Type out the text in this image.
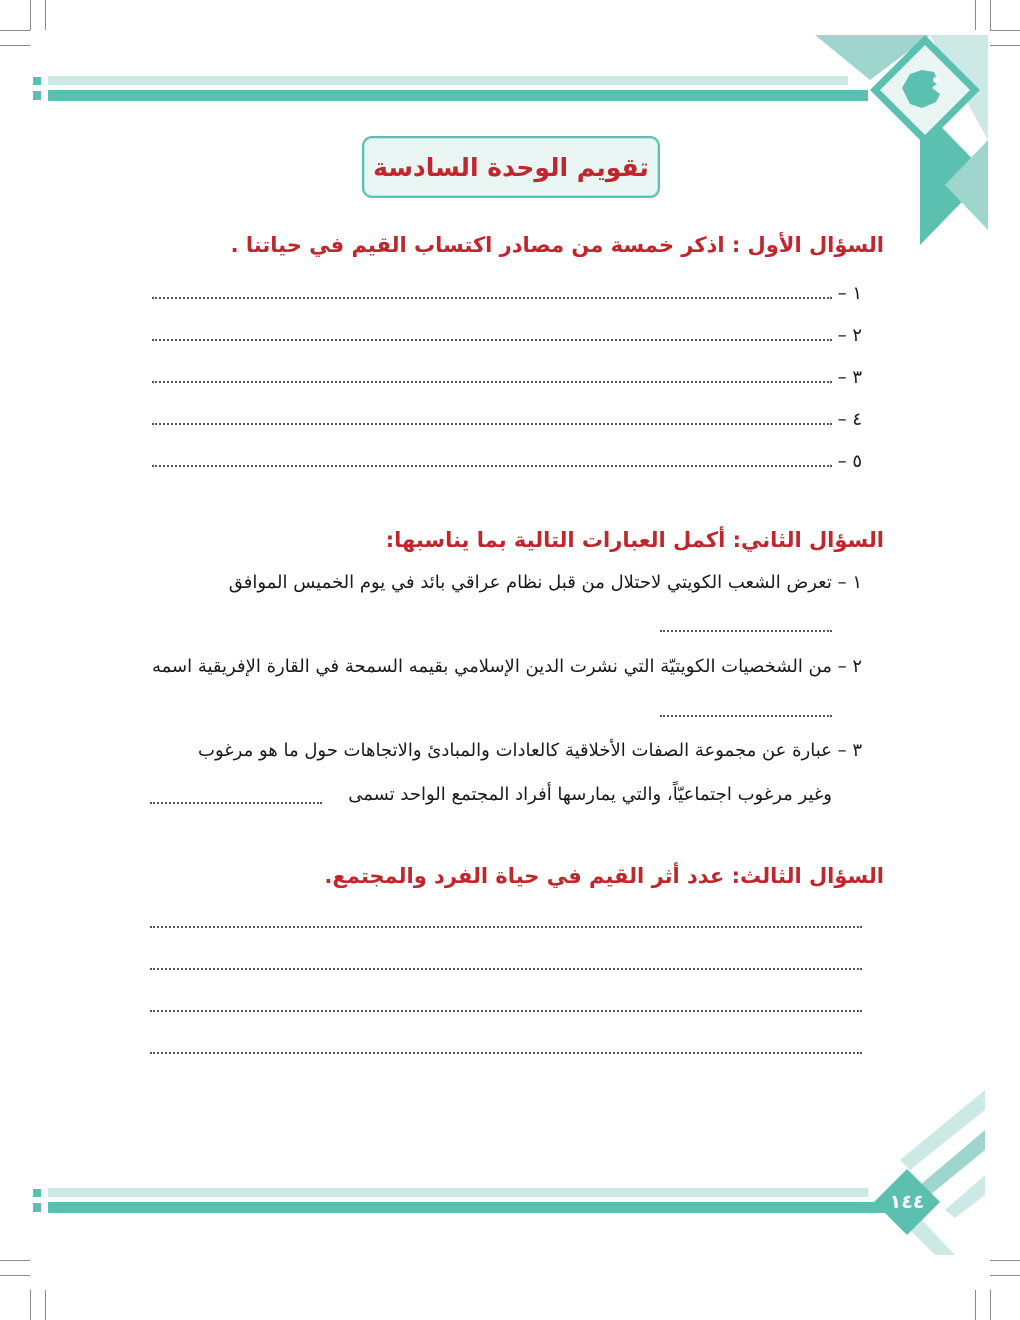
تقويم الوحدة السادسة
السؤال الأول : اذكر خمسة من مصادر اكتساب القيم في حياتنا .
١ –
٢ –
٣ –
٤ –
٥ –
السؤال الثاني: أكمل العبارات التالية بما يناسبها:
١ – تعرض الشعب الكويتي لاحتلال من قبل نظام عراقي بائد في يوم الخميس الموافق
٢ – من الشخصيات الكويتيّة التي نشرت الدين الإسلامي بقيمه السمحة في القارة الإفريقية اسمه
٣ – عبارة عن مجموعة الصفات الأخلاقية كالعادات والمبادئ والاتجاهات حول ما هو مرغوب
وغير مرغوب اجتماعيّاً، والتي يمارسها أفراد المجتمع الواحد تسمى
السؤال الثالث: عدد أثر القيم في حياة الفرد والمجتمع.
١٤٤
